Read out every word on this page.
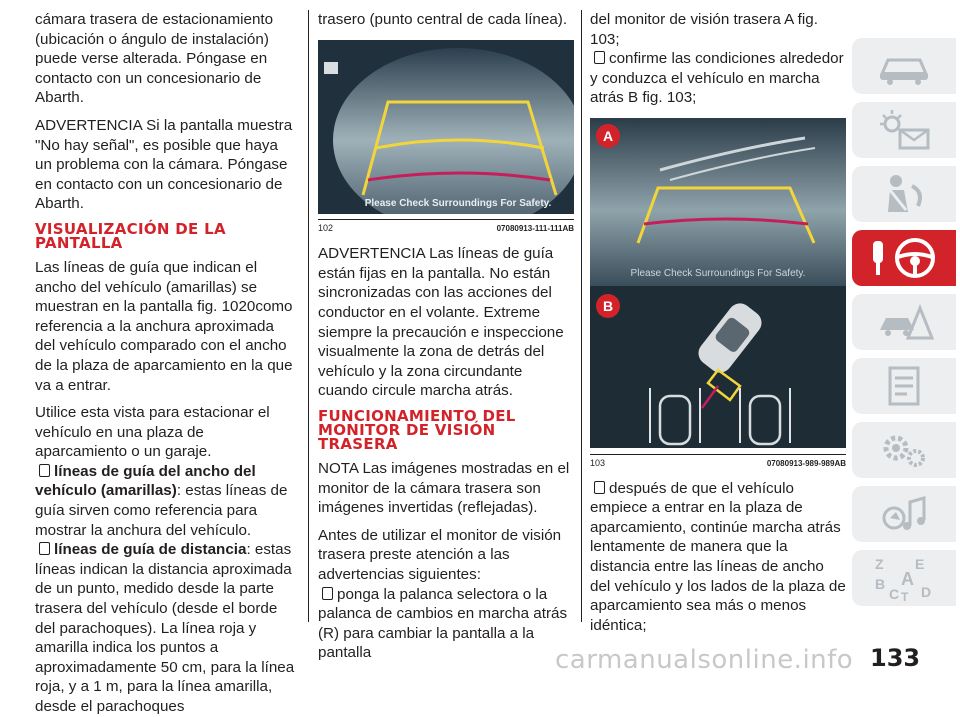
cámara trasera de estacionamiento (ubicación o ángulo de instalación) puede verse alterada. Póngase en contacto con un concesionario de Abarth.

ADVERTENCIA Si la pantalla muestra "No hay señal", es posible que haya un problema con la cámara. Póngase en contacto con un concesionario de Abarth.

VISUALIZACIÓN DE LA PANTALLA

Las líneas de guía que indican el ancho del vehículo (amarillas) se muestran en la pantalla fig. 1020como referencia a la anchura aproximada del vehículo comparado con el ancho de la plaza de aparcamiento en la que va a entrar.

Utilice esta vista para estacionar el vehículo en una plaza de aparcamiento o un garaje.

líneas de guía del ancho del vehículo (amarillas): estas líneas de guía sirven como referencia para mostrar la anchura del vehículo.
líneas de guía de distancia: estas líneas indican la distancia aproximada de un punto, medido desde la parte trasera del vehículo (desde el borde del parachoques). La línea roja y amarilla indica los puntos a aproximadamente 50 cm, para la línea roja, y a 1 m, para la línea amarilla, desde el parachoques

trasero (punto central de cada línea).

Please Check Surroundings For Safety.
102	07080913-111-111AB

ADVERTENCIA Las líneas de guía están fijas en la pantalla. No están sincronizadas con las acciones del conductor en el volante. Extreme siempre la precaución e inspeccione visualmente la zona de detrás del vehículo y la zona circundante cuando circule marcha atrás.

FUNCIONAMIENTO DEL MONITOR DE VISIÓN TRASERA

NOTA Las imágenes mostradas en el monitor de la cámara trasera son imágenes invertidas (reflejadas).

Antes de utilizar el monitor de visión trasera preste atención a las advertencias siguientes:

ponga la palanca selectora o la palanca de cambios en marcha atrás (R) para cambiar la pantalla a la pantalla
del monitor de visión trasera A fig. 103;
confirme las condiciones alrededor y conduzca el vehículo en marcha atrás B fig. 103;
A
Please Check Surroundings For Safety.
B
103	07080913-989-989AB
después de que el vehículo empiece a entrar en la plaza de aparcamiento, continúe marcha atrás lentamente de manera que la distancia entre las líneas de ancho del vehículo y los lados de la plaza de aparcamiento sea más o menos idéntica;
Z E
A
B
C D
T
carmanualsonline.info 133
